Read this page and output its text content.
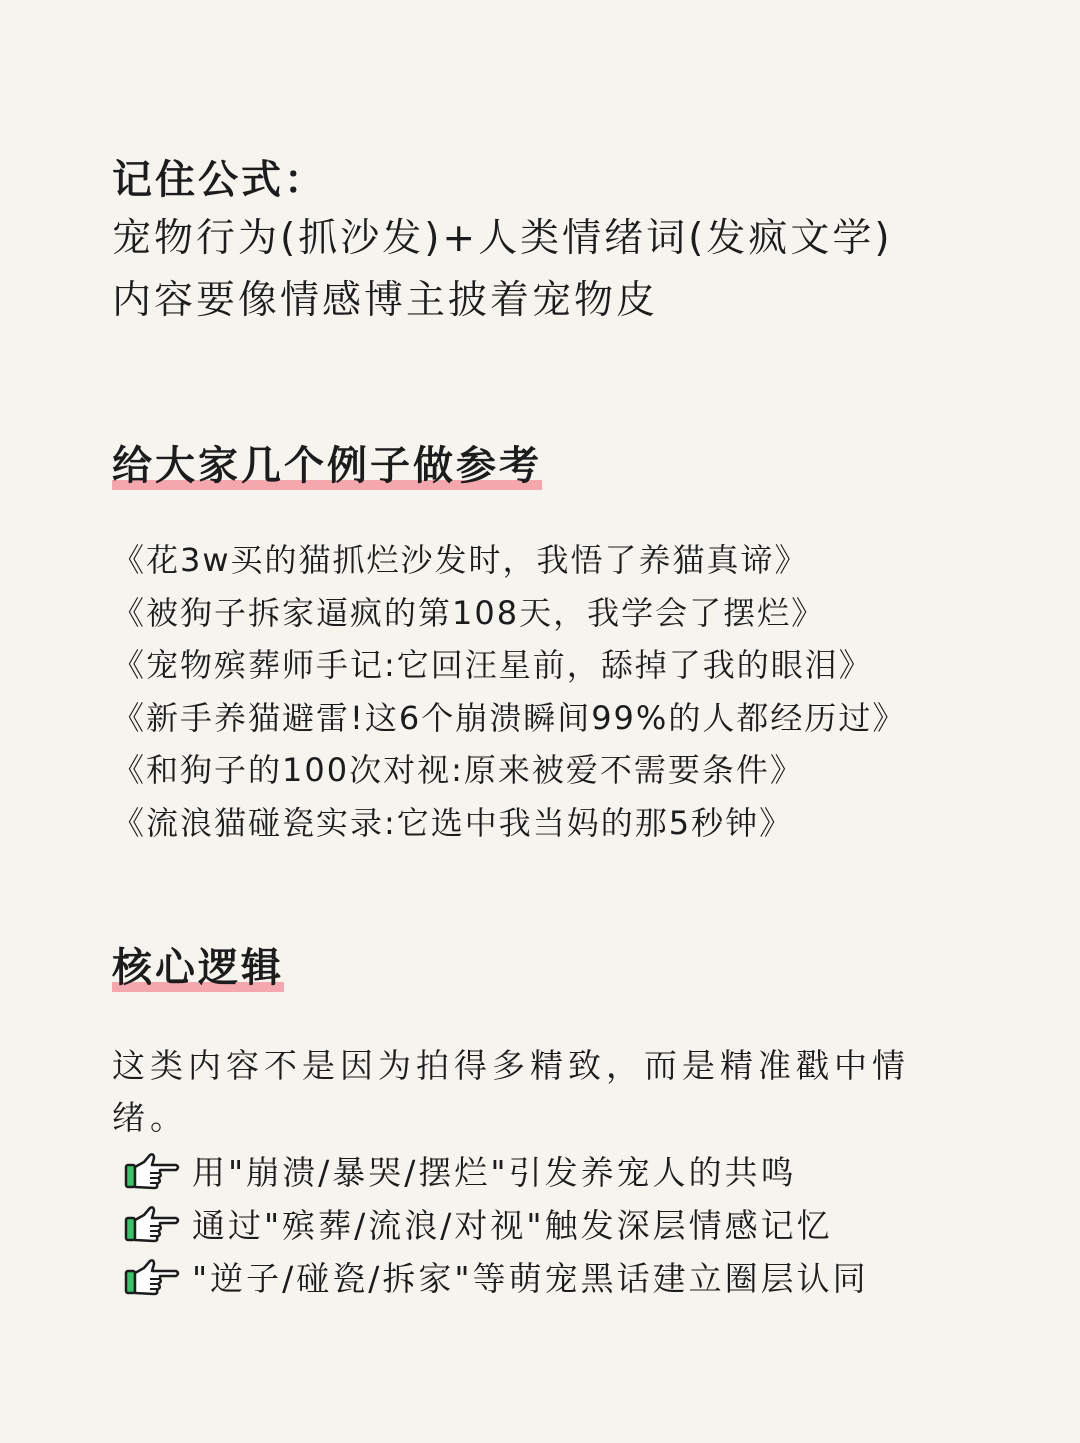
记住公式：
宠物行为(抓沙发)+人类情绪词(发疯文学)
内容要像情感博主披着宠物皮
给大家几个例子做参考
《花3w买的猫抓烂沙发时，我悟了养猫真谛》
《被狗子拆家逼疯的第108天，我学会了摆烂》
《宠物殡葬师手记:它回汪星前，舔掉了我的眼泪》
《新手养猫避雷!这6个崩溃瞬间99%的人都经历过》
《和狗子的100次对视:原来被爱不需要条件》
《流浪猫碰瓷实录:它选中我当妈的那5秒钟》
核心逻辑
这类内容不是因为拍得多精致，而是精准戳中情绪。
用"崩溃/暴哭/摆烂"引发养宠人的共鸣
通过"殡葬/流浪/对视"触发深层情感记忆
"逆子/碰瓷/拆家"等萌宠黑话建立圈层认同
